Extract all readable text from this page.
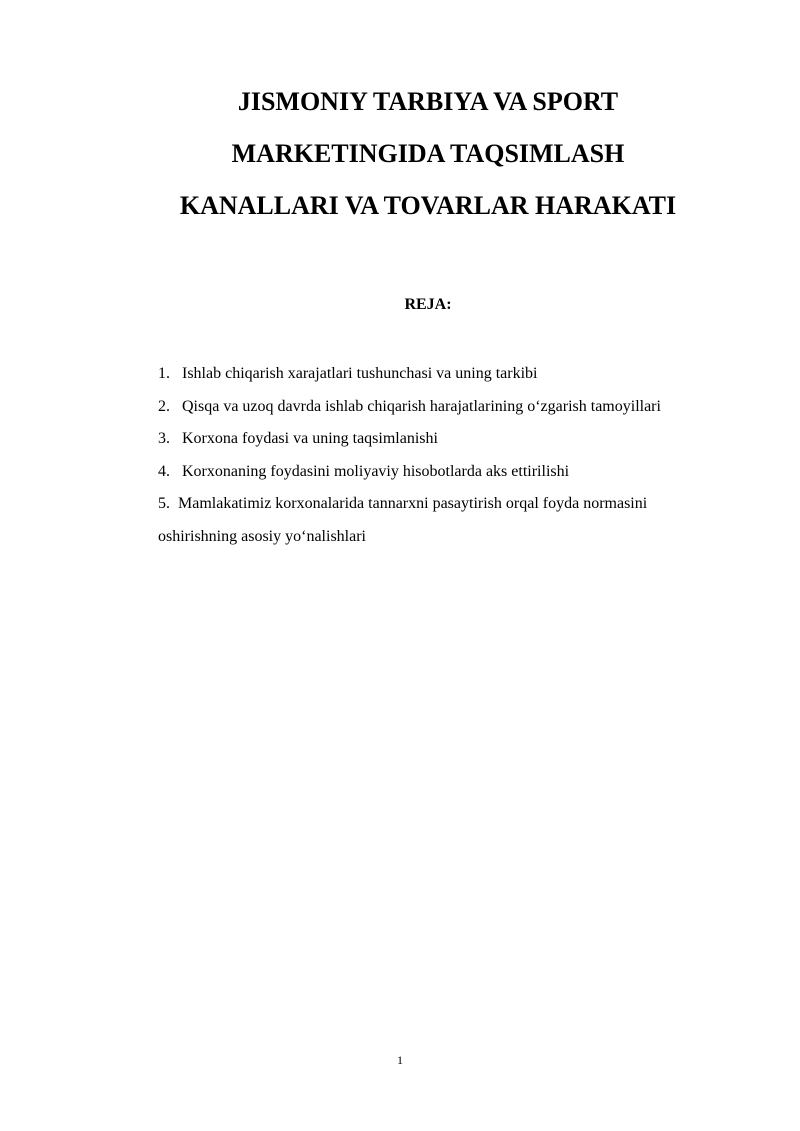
JISMONIY TARBIYA VA SPORT
MARKETINGIDA TAQSIMLASH
KANALLARI VA TOVARLAR HARAKATI

REJA:

1. Ishlab chiqarish xarajatlari tushunchasi va uning tarkibi
2. Qisqa va uzoq davrda ishlab chiqarish harajatlarining o‘zgarish tamoyillari
3. Korxona foydasi va uning taqsimlanishi
4. Korxonaning foydasini moliyaviy hisobotlarda aks ettirilishi
5. Mamlakatimiz korxonalarida tannarxni pasaytirish orqal foyda normasini oshirishning asosiy yo‘nalishlari
1
